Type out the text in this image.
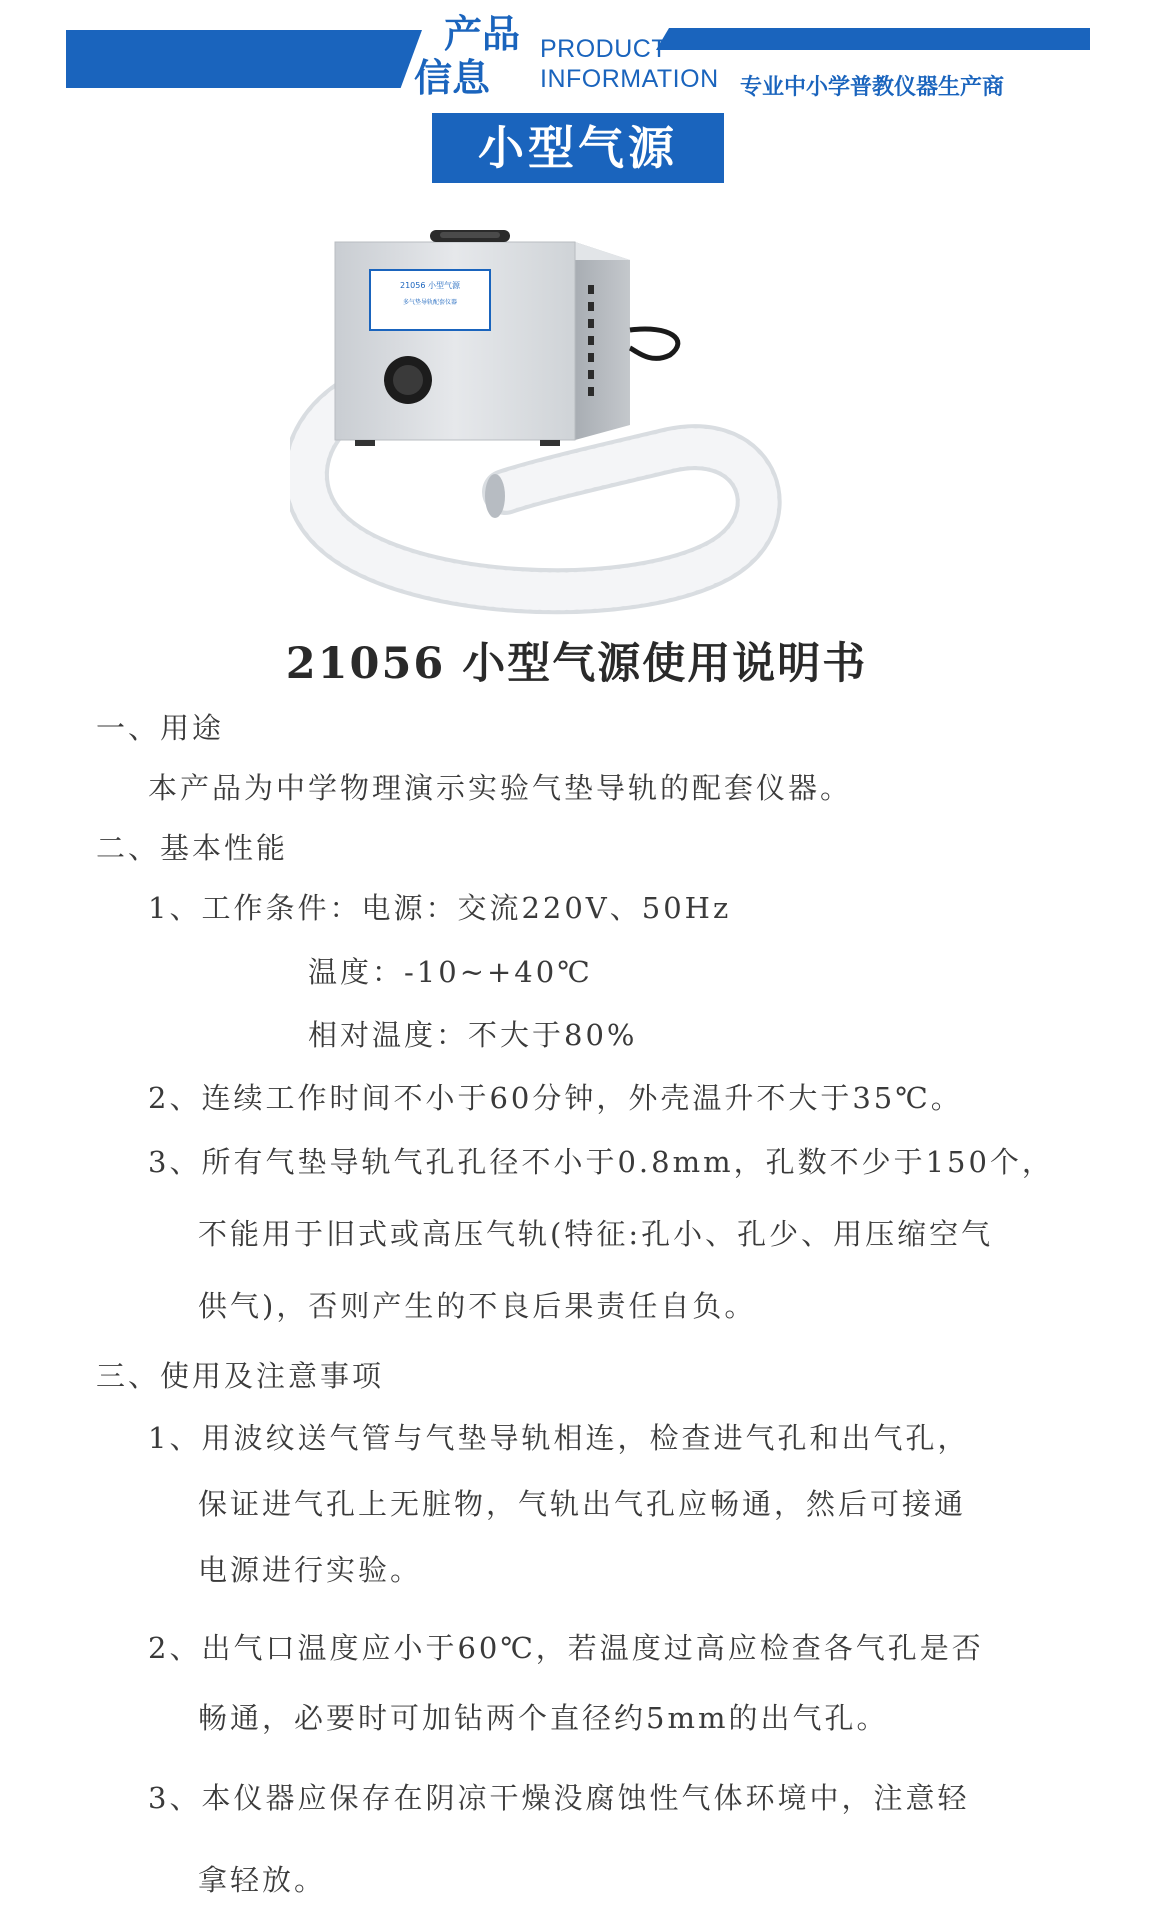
产品
信息
PRODUCT
INFORMATION 专业中小学普教仪器生产商
小型气源
21056 小型气源
多气垫导轨配套仪器
21056 小型气源使用说明书
一、用途
本产品为中学物理演示实验气垫导轨的配套仪器。
二、基本性能
1、工作条件：电源：交流220V、50Hz
温度：-10~+40℃
相对温度：不大于80%
2、连续工作时间不小于60分钟，外壳温升不大于35℃。
3、所有气垫导轨气孔孔径不小于0.8mm，孔数不少于150个，
不能用于旧式或高压气轨(特征:孔小、孔少、用压缩空气
供气)，否则产生的不良后果责任自负。
三、使用及注意事项
1、用波纹送气管与气垫导轨相连，检查进气孔和出气孔，
保证进气孔上无脏物，气轨出气孔应畅通，然后可接通
电源进行实验。
2、出气口温度应小于60℃，若温度过高应检查各气孔是否
畅通，必要时可加钻两个直径约5mm的出气孔。
3、本仪器应保存在阴凉干燥没腐蚀性气体环境中，注意轻
拿轻放。
